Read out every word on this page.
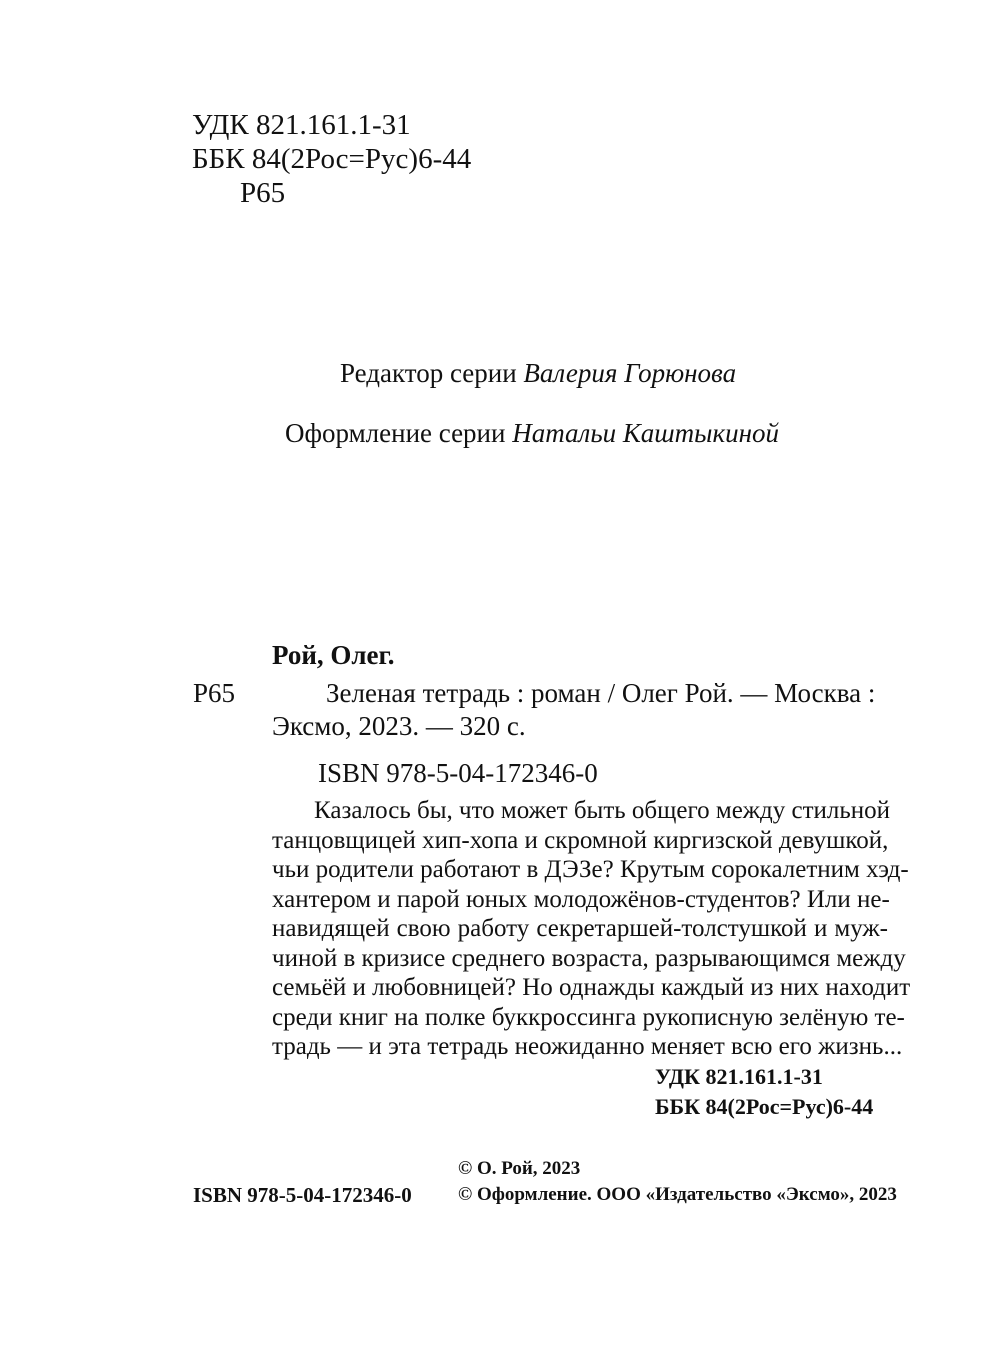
УДК 821.161.1-31
ББК 84(2Рос=Рус)6-44
Р65
Редактор серии Валерия Горюнова
Оформление серии Натальи Каштыкиной
Рой, Олег.
Р65	Зеленая тетрадь : роман / Олег Рой. — Москва :
Эксмо, 2023. — 320 с.
ISBN 978-5-04-172346-0
Казалось бы, что может быть общего между стильной
танцовщицей хип-хопа и скромной киргизской девушкой,
чьи родители работают в ДЭЗе? Крутым сорокалетним хэд-
хантером и парой юных молодожёнов-студентов? Или не-
навидящей свою работу секретаршей-толстушкой и муж-
чиной в кризисе среднего возраста, разрывающимся между
семьёй и любовницей? Но однажды каждый из них находит
среди книг на полке буккроссинга рукописную зелёную те-
традь — и эта тетрадь неожиданно меняет всю его жизнь...
УДК 821.161.1-31
ББК 84(2Рос=Рус)6-44
© О. Рой, 2023
© Оформление. ООО «Издательство «Эксмо», 2023
ISBN 978-5-04-172346-0
